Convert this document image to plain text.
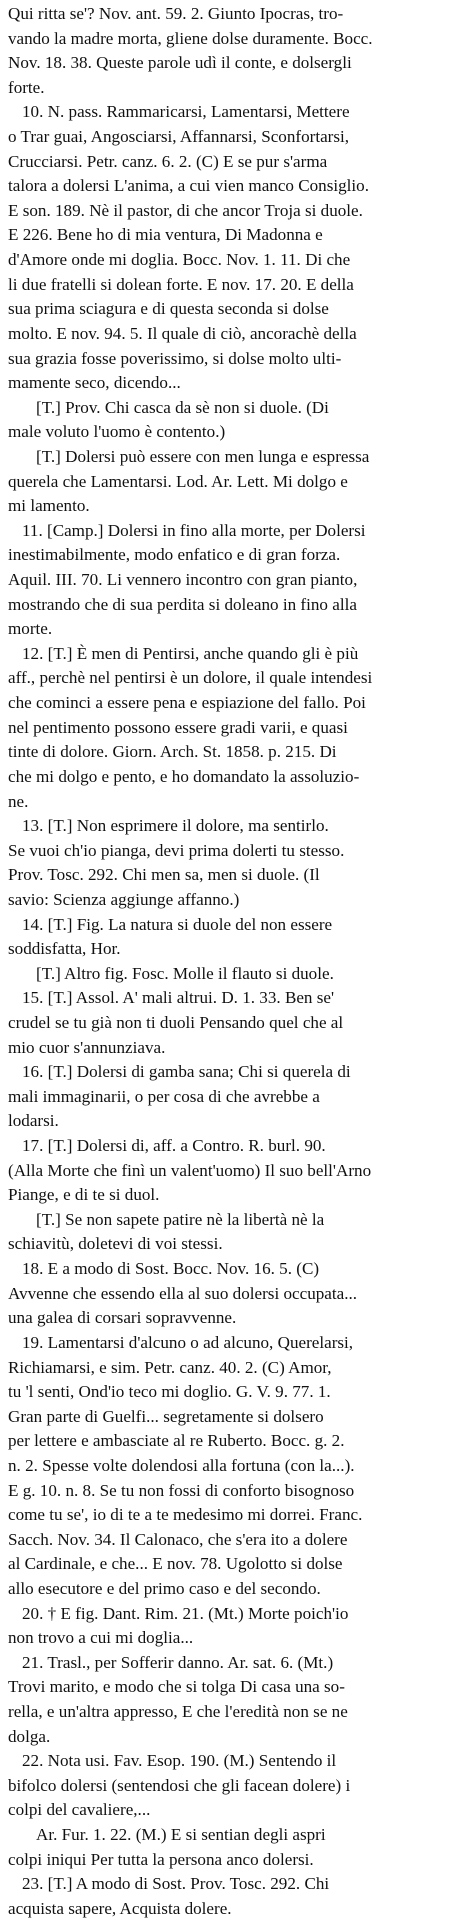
Qui ritta se'? Nov. ant. 59. 2. Giunto Ipocras, tro-
vando la madre morta, gliene dolse duramente. Bocc.
Nov. 18. 38. Queste parole udì il conte, e dolsergli
forte.
10. N. pass. Rammaricarsi, Lamentarsi, Mettere
o Trar guai, Angosciarsi, Affannarsi, Sconfortarsi,
Crucciarsi. Petr. canz. 6. 2. (C) E se pur s'arma
talora a dolersi L'anima, a cui vien manco Consiglio.
E son. 189. Nè il pastor, di che ancor Troja si duole.
E 226. Bene ho di mia ventura, Di Madonna e
d'Amore onde mi doglia. Bocc. Nov. 1. 11. Di che
li due fratelli si dolean forte. E nov. 17. 20. E della
sua prima sciagura e di questa seconda si dolse
molto. E nov. 94. 5. Il quale di ciò, ancorachè della
sua grazia fosse poverissimo, si dolse molto ulti-
mamente seco, dicendo...
[T.] Prov. Chi casca da sè non si duole. (Di
male voluto l'uomo è contento.)
[T.] Dolersi può essere con men lunga e espressa
querela che Lamentarsi. Lod. Ar. Lett. Mi dolgo e
mi lamento.
11. [Camp.] Dolersi in fino alla morte, per Dolersi
inestimabilmente, modo enfatico e di gran forza.
Aquil. III. 70. Li vennero incontro con gran pianto,
mostrando che di sua perdita si doleano in fino alla
morte.
12. [T.] È men di Pentirsi, anche quando gli è più
aff., perchè nel pentirsi è un dolore, il quale intendesi
che cominci a essere pena e espiazione del fallo. Poi
nel pentimento possono essere gradi varii, e quasi
tinte di dolore. Giorn. Arch. St. 1858. p. 215. Di
che mi dolgo e pento, e ho domandato la assoluzio-
ne.
13. [T.] Non esprimere il dolore, ma sentirlo.
Se vuoi ch'io pianga, devi prima dolerti tu stesso.
Prov. Tosc. 292. Chi men sa, men si duole. (Il
savio: Scienza aggiunge affanno.)
14. [T.] Fig. La natura si duole del non essere
soddisfatta, Hor.
[T.] Altro fig. Fosc. Molle il flauto si duole.
15. [T.] Assol. A' mali altrui. D. 1. 33. Ben se'
crudel se tu già non ti duoli Pensando quel che al
mio cuor s'annunziava.
16. [T.] Dolersi di gamba sana; Chi si querela di
mali immaginarii, o per cosa di che avrebbe a
lodarsi.
17. [T.] Dolersi di, aff. a Contro. R. burl. 90.
(Alla Morte che finì un valent'uomo) Il suo bell'Arno
Piange, e di te si duol.
[T.] Se non sapete patire nè la libertà nè la
schiavitù, doletevi di voi stessi.
18. E a modo di Sost. Bocc. Nov. 16. 5. (C)
Avvenne che essendo ella al suo dolersi occupata...
una galea di corsari sopravvenne.
19. Lamentarsi d'alcuno o ad alcuno, Querelarsi,
Richiamarsi, e sim. Petr. canz. 40. 2. (C) Amor,
tu 'l senti, Ond'io teco mi doglio. G. V. 9. 77. 1.
Gran parte di Guelfi... segretamente si dolsero
per lettere e ambasciate al re Ruberto. Bocc. g. 2.
n. 2. Spesse volte dolendosi alla fortuna (con la...).
E g. 10. n. 8. Se tu non fossi di conforto bisognoso
come tu se', io di te a te medesimo mi dorrei. Franc.
Sacch. Nov. 34. Il Calonaco, che s'era ito a dolere
al Cardinale, e che... E nov. 78. Ugolotto si dolse
allo esecutore e del primo caso e del secondo.
20. † E fig. Dant. Rim. 21. (Mt.) Morte poich'io
non trovo a cui mi doglia...
21. Trasl., per Sofferir danno. Ar. sat. 6. (Mt.)
Trovi marito, e modo che si tolga Di casa una so-
rella, e un'altra appresso, E che l'eredità non se ne
dolga.
22. Nota usi. Fav. Esop. 190. (M.) Sentendo il
bifolco dolersi (sentendosi che gli facean dolere) i
colpi del cavaliere,...
Ar. Fur. 1. 22. (M.) E si sentian degli aspri
colpi iniqui Per tutta la persona anco dolersi.
23. [T.] A modo di Sost. Prov. Tosc. 292. Chi
acquista sapere, Acquista dolere.
